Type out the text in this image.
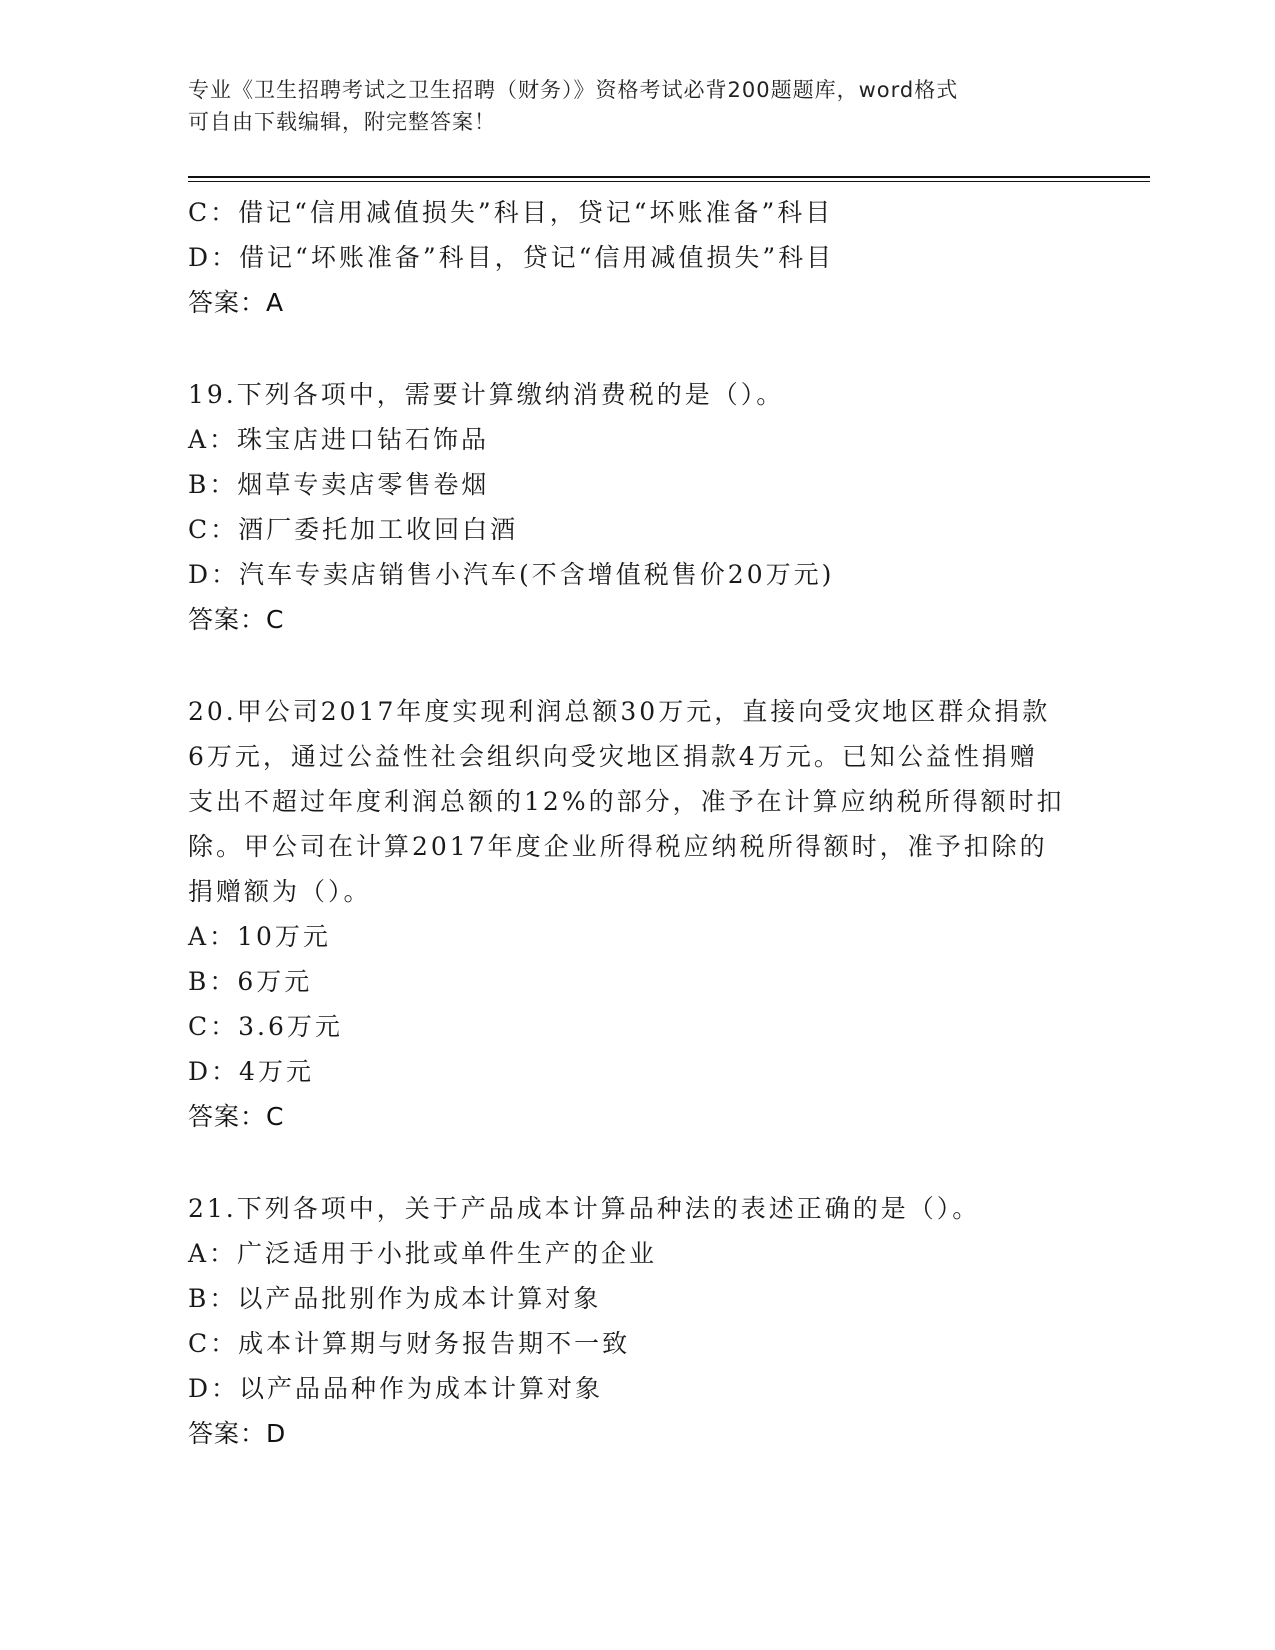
专业《卫生招聘考试之卫生招聘（财务）》资格考试必背200题题库，word格式
可自由下载编辑，附完整答案！
C：借记“信用减值损失”科目，贷记“坏账准备”科目
D：借记“坏账准备”科目，贷记“信用减值损失”科目
答案：A
19.下列各项中，需要计算缴纳消费税的是（）。
A：珠宝店进口钻石饰品
B：烟草专卖店零售卷烟
C：酒厂委托加工收回白酒
D：汽车专卖店销售小汽车(不含增值税售价20万元)
答案：C
20.甲公司2017年度实现利润总额30万元，直接向受灾地区群众捐款
6万元，通过公益性社会组织向受灾地区捐款4万元。已知公益性捐赠
支出不超过年度利润总额的12%的部分，准予在计算应纳税所得额时扣
除。甲公司在计算2017年度企业所得税应纳税所得额时，准予扣除的
捐赠额为（）。
A：10万元
B：6万元
C：3.6万元
D：4万元
答案：C
21.下列各项中，关于产品成本计算品种法的表述正确的是（）。
A：广泛适用于小批或单件生产的企业
B：以产品批别作为成本计算对象
C：成本计算期与财务报告期不一致
D：以产品品种作为成本计算对象
答案：D
